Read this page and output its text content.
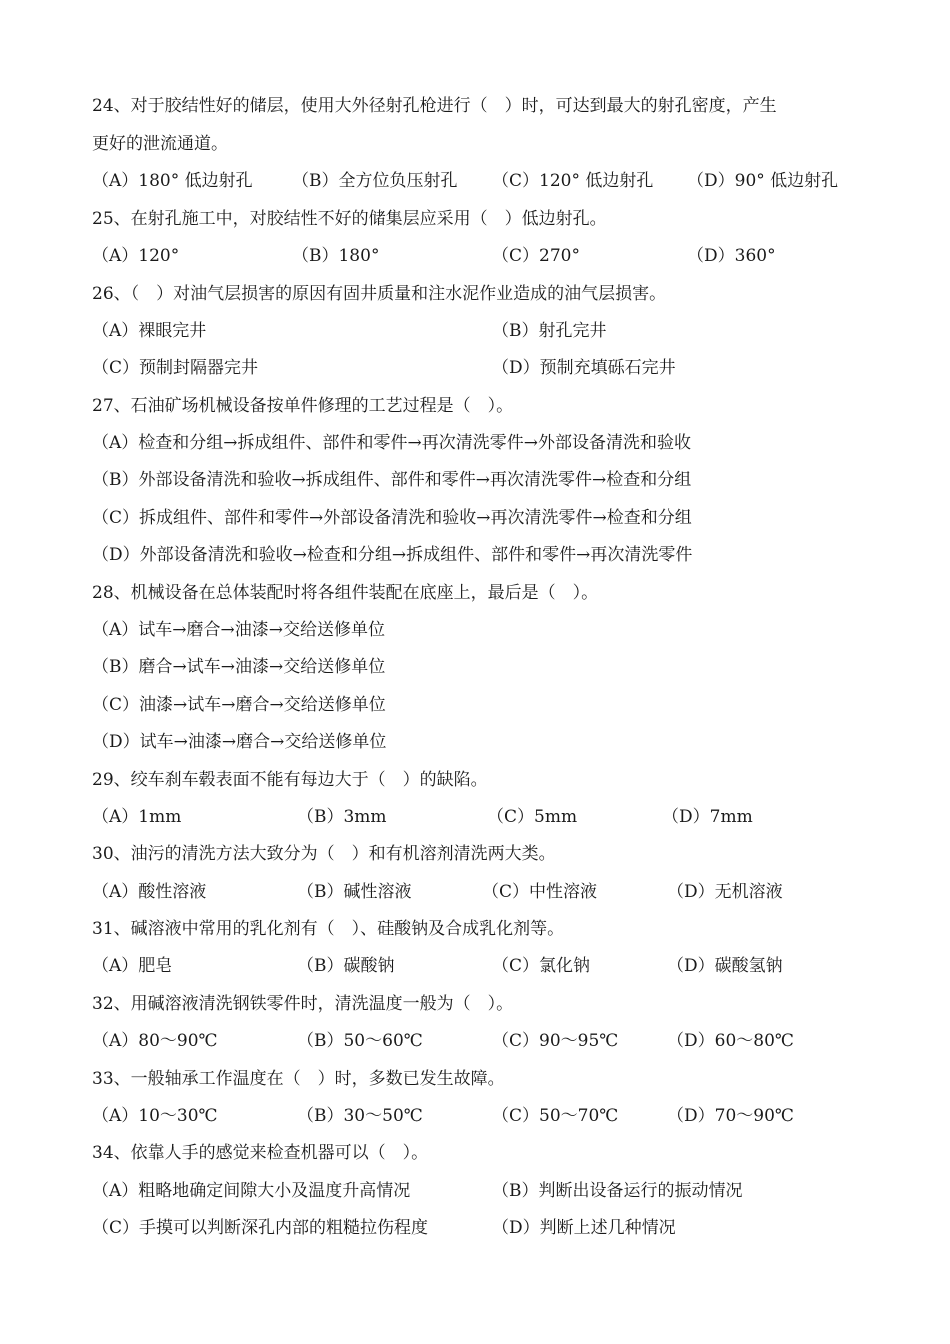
24、对于胶结性好的储层，使用大外径射孔枪进行（　）时，可达到最大的射孔密度，产生
更好的泄流通道。
（A）180° 低边射孔 （B）全方位负压射孔 （C）120° 低边射孔 （D）90° 低边射孔
25、在射孔施工中，对胶结性不好的储集层应采用（　）低边射孔。
（A）120°	（B）180°	（C）270°	（D）360°
26、（　）对油气层损害的原因有固井质量和注水泥作业造成的油气层损害。
（A）裸眼完井	（B）射孔完井
（C）预制封隔器完井	（D）预制充填砾石完井
27、石油矿场机械设备按单件修理的工艺过程是（　）。
（A）检查和分组→拆成组件、部件和零件→再次清洗零件→外部设备清洗和验收
（B）外部设备清洗和验收→拆成组件、部件和零件→再次清洗零件→检查和分组
（C）拆成组件、部件和零件→外部设备清洗和验收→再次清洗零件→检查和分组
（D）外部设备清洗和验收→检查和分组→拆成组件、部件和零件→再次清洗零件
28、机械设备在总体装配时将各组件装配在底座上，最后是（　）。
（A）试车→磨合→油漆→交给送修单位
（B）磨合→试车→油漆→交给送修单位
（C）油漆→试车→磨合→交给送修单位
（D）试车→油漆→磨合→交给送修单位
29、绞车刹车毂表面不能有每边大于（　）的缺陷。
（A）1mm	（B）3mm	（C）5mm	（D）7mm
30、油污的清洗方法大致分为（　）和有机溶剂清洗两大类。
（A）酸性溶液	（B）碱性溶液	（C）中性溶液	（D）无机溶液
31、碱溶液中常用的乳化剂有（　）、硅酸钠及合成乳化剂等。
（A）肥皂	（B）碳酸钠	（C）氯化钠	（D）碳酸氢钠
32、用碱溶液清洗钢铁零件时，清洗温度一般为（　）。
（A）80～90℃	（B）50～60℃	（C）90～95℃	（D）60～80℃
33、一般轴承工作温度在（　）时，多数已发生故障。
（A）10～30℃	（B）30～50℃	（C）50～70℃	（D）70～90℃
34、依靠人手的感觉来检查机器可以（　）。
（A）粗略地确定间隙大小及温度升高情况	（B）判断出设备运行的振动情况
（C）手摸可以判断深孔内部的粗糙拉伤程度	（D）判断上述几种情况
